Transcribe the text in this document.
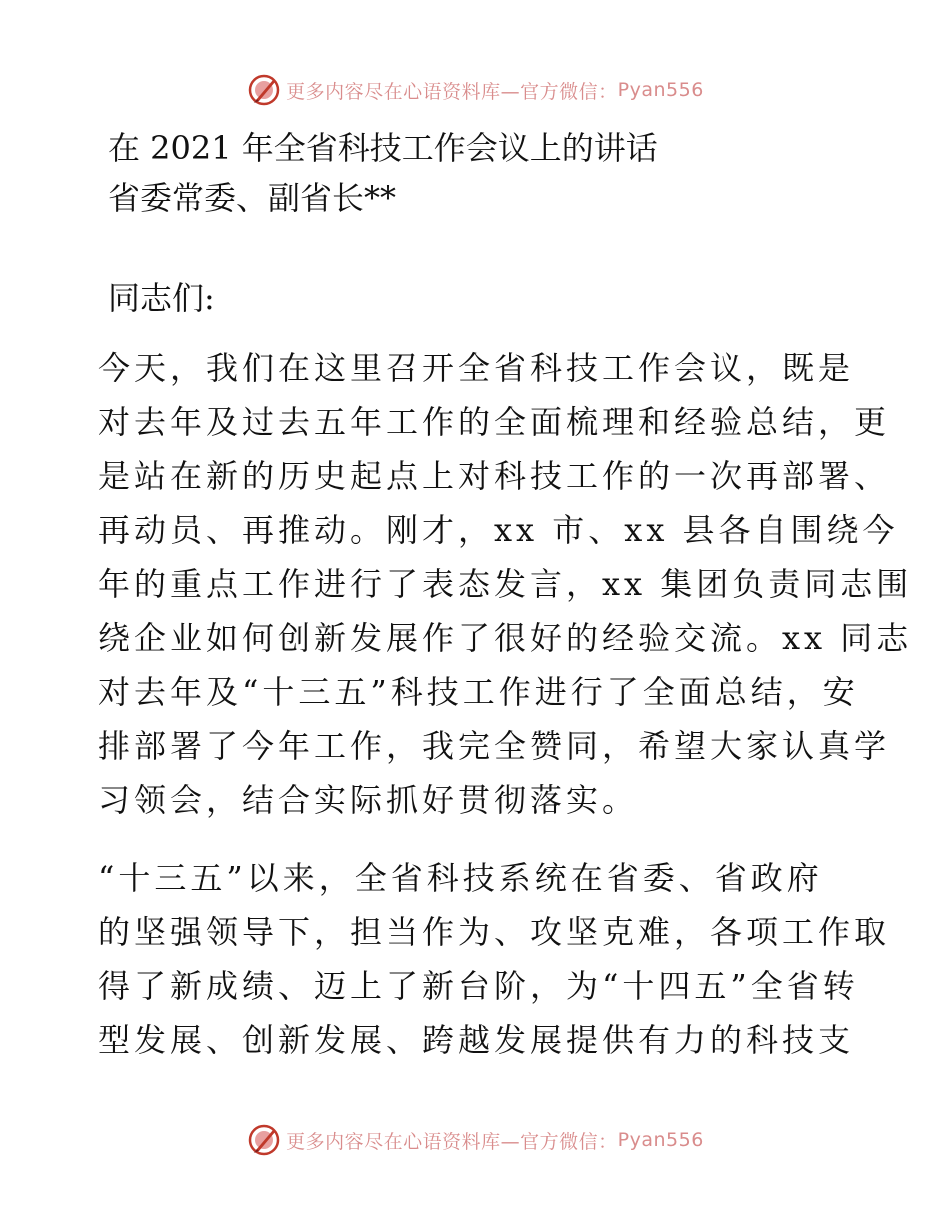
更多内容尽在心语资料库—官方微信： Pyan556
在 2021 年全省科技工作会议上的讲话
省委常委、副省长**
同志们:
今天，我们在这里召开全省科技工作会议，既是
对去年及过去五年工作的全面梳理和经验总结，更
是站在新的历史起点上对科技工作的一次再部署、
再动员、再推动。刚才，xx 市、xx 县各自围绕今
年的重点工作进行了表态发言，xx 集团负责同志围
绕企业如何创新发展作了很好的经验交流。xx 同志
对去年及“十三五”科技工作进行了全面总结，安
排部署了今年工作，我完全赞同，希望大家认真学
习领会，结合实际抓好贯彻落实。
“十三五”以来，全省科技系统在省委、省政府
的坚强领导下，担当作为、攻坚克难，各项工作取
得了新成绩、迈上了新台阶，为“十四五”全省转
型发展、创新发展、跨越发展提供有力的科技支
更多内容尽在心语资料库—官方微信： Pyan556
